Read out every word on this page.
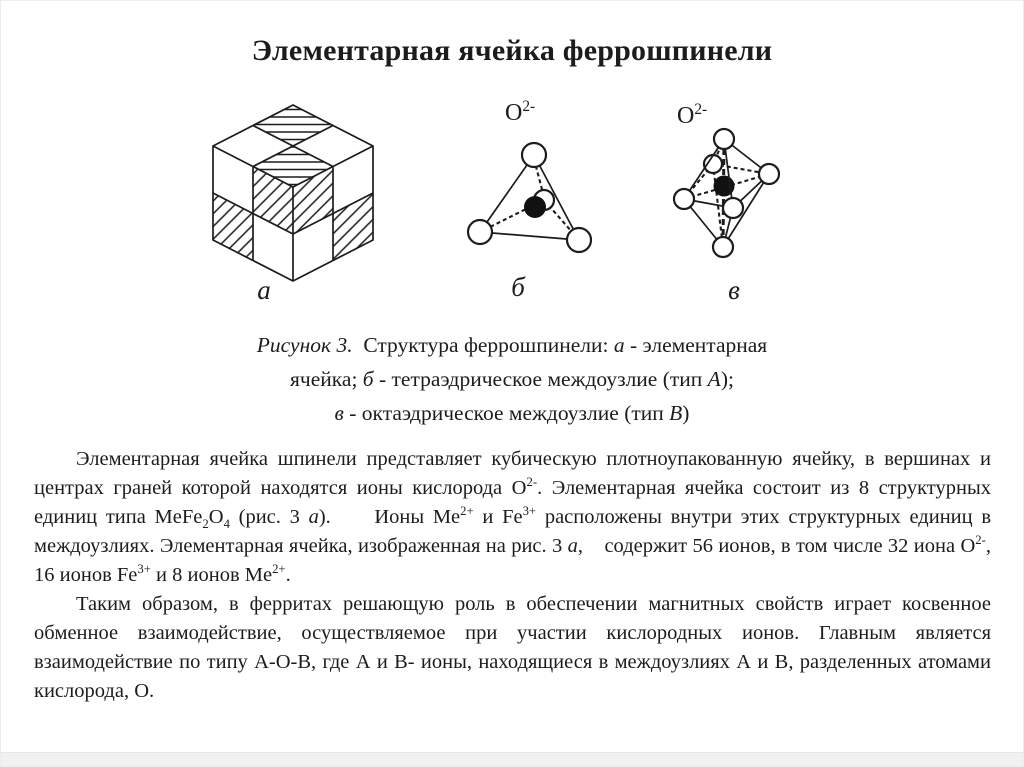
Элементарная ячейка феррошпинели
$O^{2-}$	$O^{2-}$
а	б	в
Рисунок 3.  Структура феррошпинели: а - элементарная
ячейка; б - тетраэдрическое междоузлие (тип А);
в - октаэдрическое междоузлие (тип В)

Элементарная ячейка шпинели представляет кубическую плотноупакованную ячейку, в вершинах и центрах граней которой находятся ионы кислорода $O^{2-}$. Элементарная ячейка состоит из 8 структурных единиц типа $MeFe_2O_4$ (рис. 3 а).     Ионы $Me^{2+}$ и $Fe^{3+}$ расположены внутри этих структурных единиц в междоузлиях. Элементарная ячейка, изображенная на рис. 3 а,    содержит 56 ионов, в том числе 32 иона $O^{2-}$, 16 ионов $Fe^{3+}$ и 8 ионов $Me^{2+}$.

Таким образом, в ферритах решающую роль в обеспечении магнитных свойств играет косвенное обменное взаимодействие, осуществляемое при участии кислородных ионов. Главным является взаимодействие по типу А-О-В, где А и В- ионы, находящиеся в междоузлиях А и В, разделенных атомами кислорода, О.
